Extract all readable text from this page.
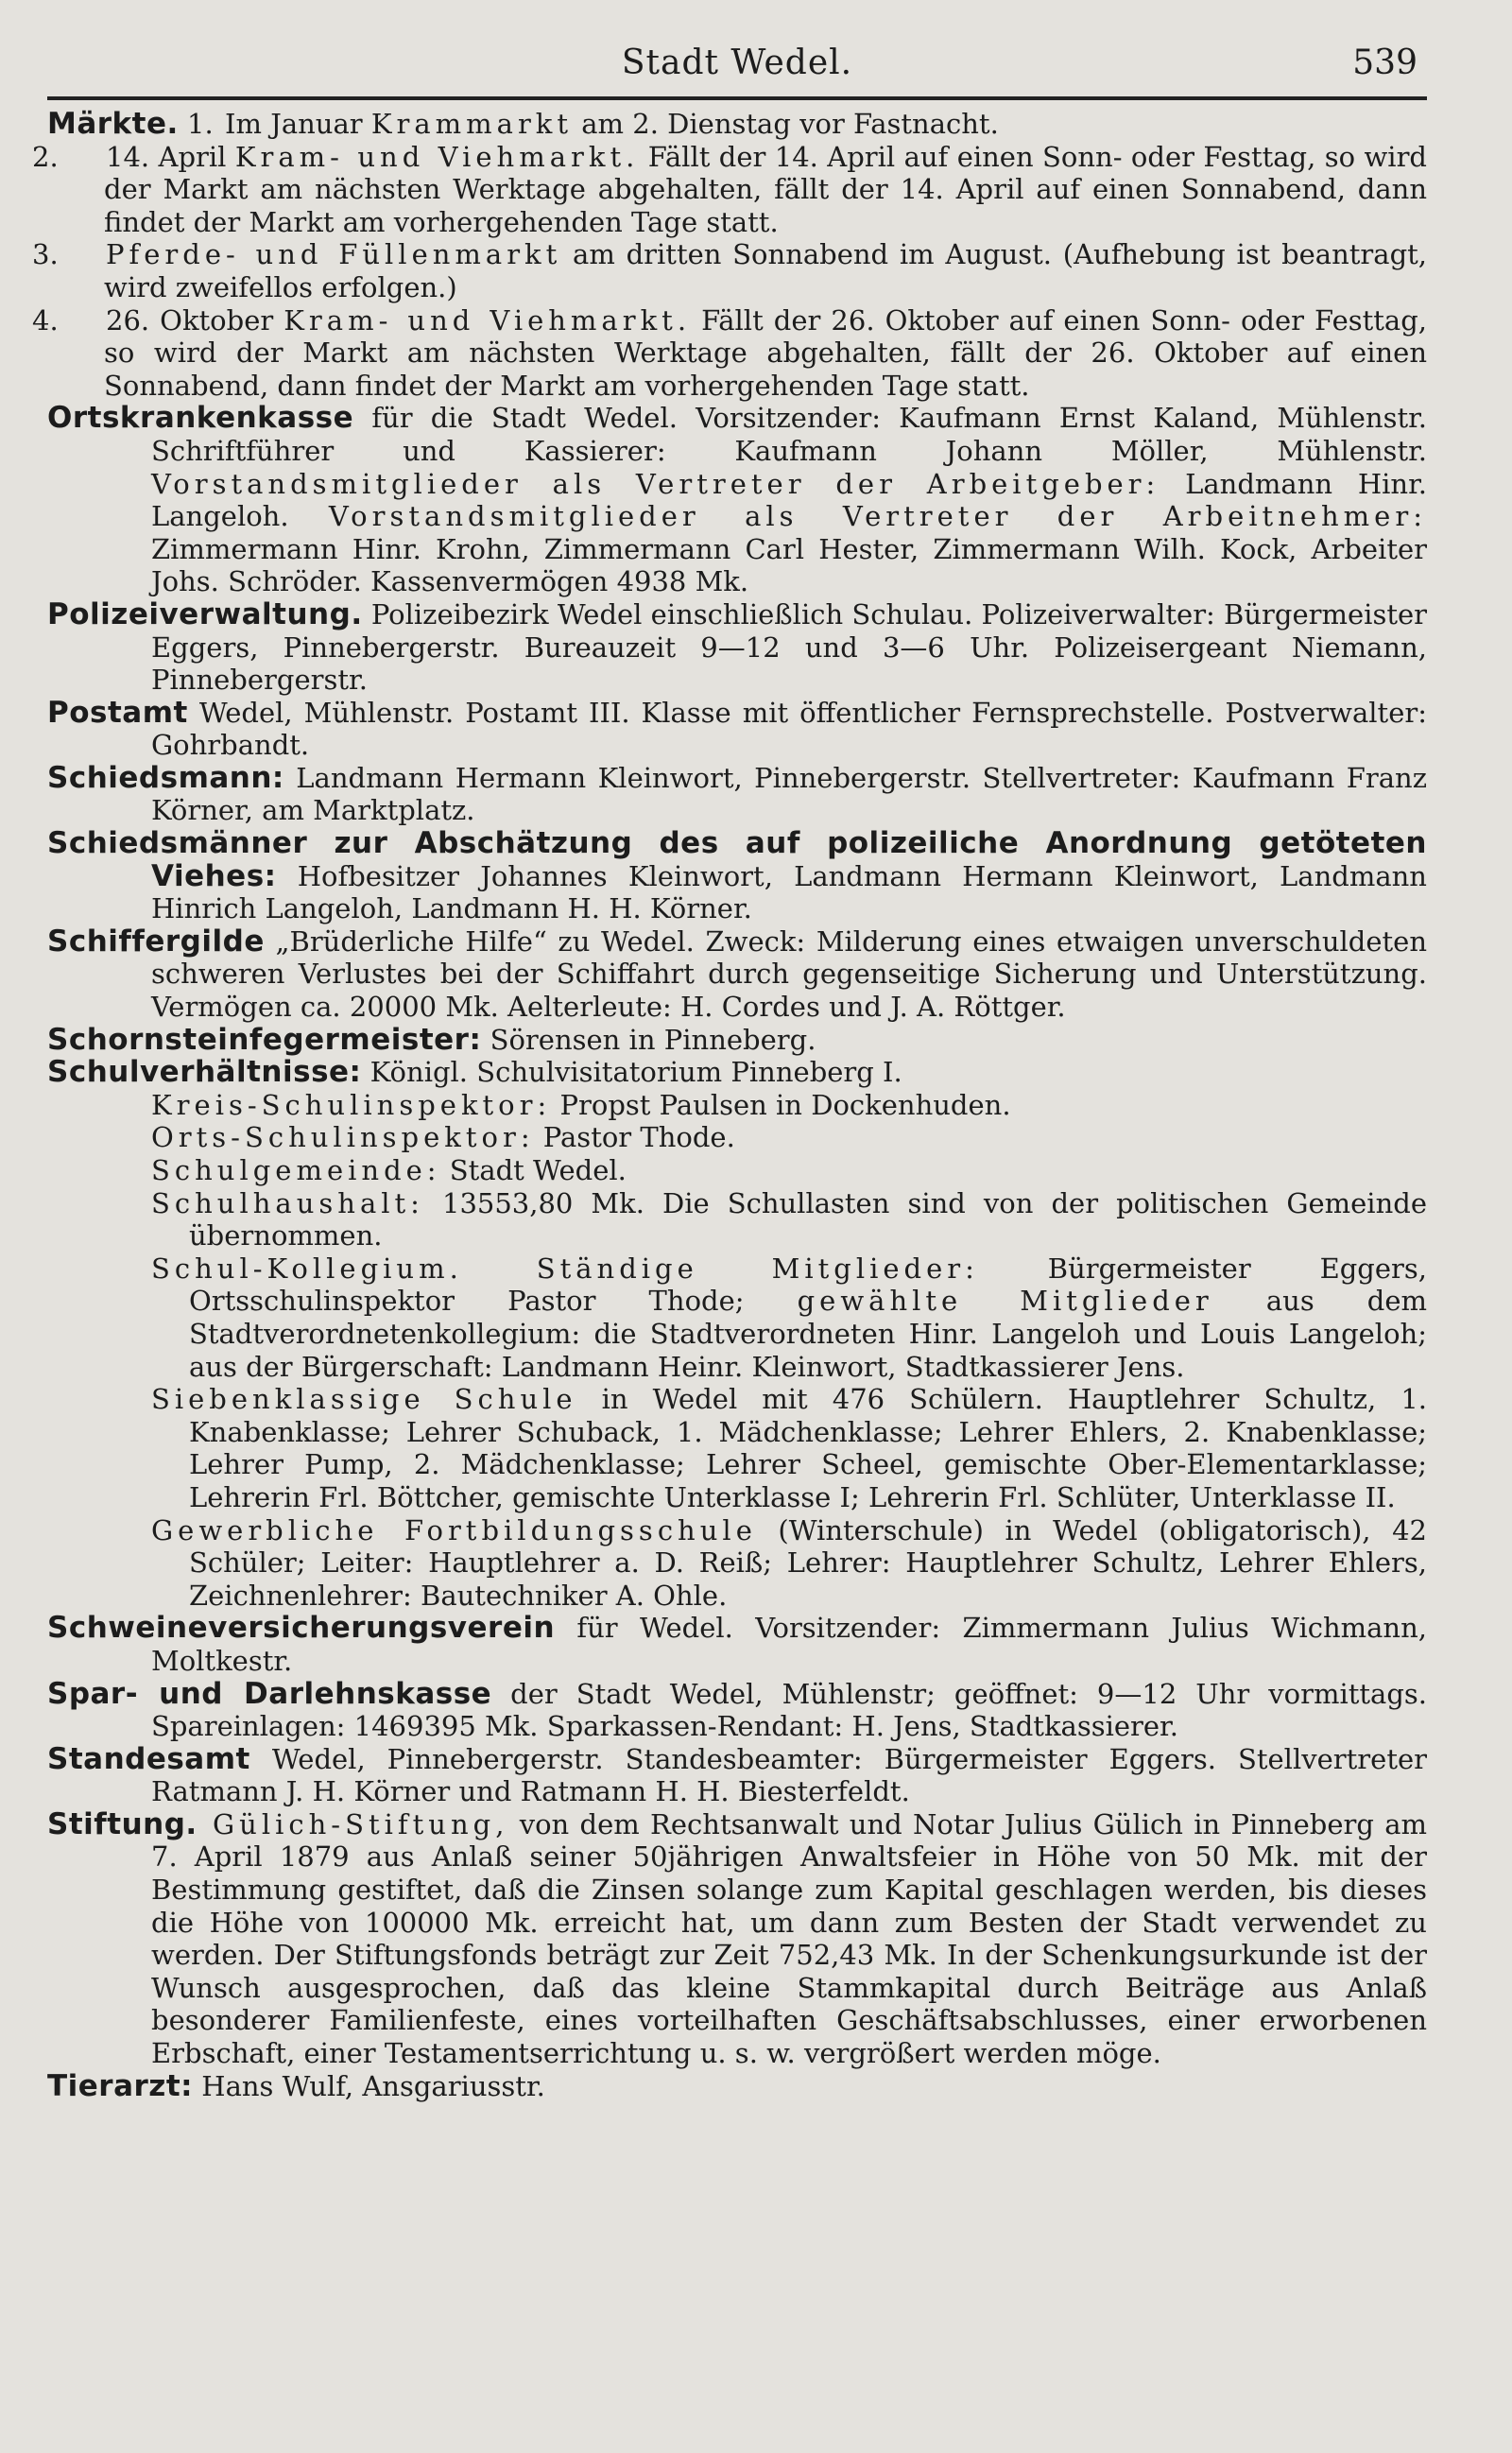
Stadt Wedel.	539

Märkte. 1. Im Januar Krammarkt am 2. Dienstag vor Fastnacht.

2. 14. April Kram- und Viehmarkt. Fällt der 14. April auf einen Sonn- oder Festtag, so wird der Markt am nächsten Werktage abgehalten, fällt der 14. April auf einen Sonnabend, dann findet der Markt am vorhergehenden Tage statt.

3. Pferde- und Füllenmarkt am dritten Sonnabend im August. (Aufhebung ist beantragt, wird zweifellos erfolgen.)

4. 26. Oktober Kram- und Viehmarkt. Fällt der 26. Oktober auf einen Sonn- oder Festtag, so wird der Markt am nächsten Werktage abgehalten, fällt der 26. Oktober auf einen Sonnabend, dann findet der Markt am vorhergehenden Tage statt.

Ortskrankenkasse für die Stadt Wedel. Vorsitzender: Kaufmann Ernst Kaland, Mühlenstr. Schriftführer und Kassierer: Kaufmann Johann Möller, Mühlenstr. Vorstandsmitglieder als Vertreter der Arbeitgeber: Landmann Hinr. Langeloh. Vorstandsmitglieder als Vertreter der Arbeitnehmer: Zimmermann Hinr. Krohn, Zimmermann Carl Hester, Zimmermann Wilh. Kock, Arbeiter Johs. Schröder. Kassenvermögen 4938 Mk.

Polizeiverwaltung. Polizeibezirk Wedel einschließlich Schulau. Polizeiverwalter: Bürgermeister Eggers, Pinnebergerstr. Bureauzeit 9—12 und 3—6 Uhr. Polizeisergeant Niemann, Pinnebergerstr.

Postamt Wedel, Mühlenstr. Postamt III. Klasse mit öffentlicher Fernsprechstelle. Postverwalter: Gohrbandt.

Schiedsmann: Landmann Hermann Kleinwort, Pinnebergerstr. Stellvertreter: Kaufmann Franz Körner, am Marktplatz.

Schiedsmänner zur Abschätzung des auf polizeiliche Anordnung getöteten Viehes: Hofbesitzer Johannes Kleinwort, Landmann Hermann Kleinwort, Landmann Hinrich Langeloh, Landmann H. H. Körner.

Schiffergilde „Brüderliche Hilfe“ zu Wedel. Zweck: Milderung eines etwaigen unverschuldeten schweren Verlustes bei der Schiffahrt durch gegenseitige Sicherung und Unterstützung. Vermögen ca. 20000 Mk. Aelterleute: H. Cordes und J. A. Röttger.

Schornsteinfegermeister: Sörensen in Pinneberg.

Schulverhältnisse: Königl. Schulvisitatorium Pinneberg I.

Kreis-Schulinspektor: Propst Paulsen in Dockenhuden.

Orts-Schulinspektor: Pastor Thode.

Schulgemeinde: Stadt Wedel.

Schulhaushalt: 13553,80 Mk. Die Schullasten sind von der politischen Gemeinde übernommen.

Schul-Kollegium. Ständige Mitglieder: Bürgermeister Eggers, Ortsschulinspektor Pastor Thode; gewählte Mitglieder aus dem Stadtverordnetenkollegium: die Stadtverordneten Hinr. Langeloh und Louis Langeloh; aus der Bürgerschaft: Landmann Heinr. Kleinwort, Stadtkassierer Jens.

Siebenklassige Schule in Wedel mit 476 Schülern. Hauptlehrer Schultz, 1. Knabenklasse; Lehrer Schuback, 1. Mädchenklasse; Lehrer Ehlers, 2. Knabenklasse; Lehrer Pump, 2. Mädchenklasse; Lehrer Scheel, gemischte Ober-Elementarklasse; Lehrerin Frl. Böttcher, gemischte Unterklasse I; Lehrerin Frl. Schlüter, Unterklasse II.

Gewerbliche Fortbildungsschule (Winterschule) in Wedel (obligatorisch), 42 Schüler; Leiter: Hauptlehrer a. D. Reiß; Lehrer: Hauptlehrer Schultz, Lehrer Ehlers, Zeichnenlehrer: Bautechniker A. Ohle.

Schweineversicherungsverein für Wedel. Vorsitzender: Zimmermann Julius Wichmann, Moltkestr.

Spar- und Darlehnskasse der Stadt Wedel, Mühlenstr; geöffnet: 9—12 Uhr vormittags. Spareinlagen: 1469395 Mk. Sparkassen-Rendant: H. Jens, Stadtkassierer.

Standesamt Wedel, Pinnebergerstr. Standesbeamter: Bürgermeister Eggers. Stellvertreter Ratmann J. H. Körner und Ratmann H. H. Biesterfeldt.

Stiftung. Gülich-Stiftung, von dem Rechtsanwalt und Notar Julius Gülich in Pinneberg am 7. April 1879 aus Anlaß seiner 50jährigen Anwaltsfeier in Höhe von 50 Mk. mit der Bestimmung gestiftet, daß die Zinsen solange zum Kapital geschlagen werden, bis dieses die Höhe von 100000 Mk. erreicht hat, um dann zum Besten der Stadt verwendet zu werden. Der Stiftungsfonds beträgt zur Zeit 752,43 Mk. In der Schenkungsurkunde ist der Wunsch ausgesprochen, daß das kleine Stammkapital durch Beiträge aus Anlaß besonderer Familienfeste, eines vorteilhaften Geschäftsabschlusses, einer erworbenen Erbschaft, einer Testamentserrichtung u. s. w. vergrößert werden möge.

Tierarzt: Hans Wulf, Ansgariusstr.
